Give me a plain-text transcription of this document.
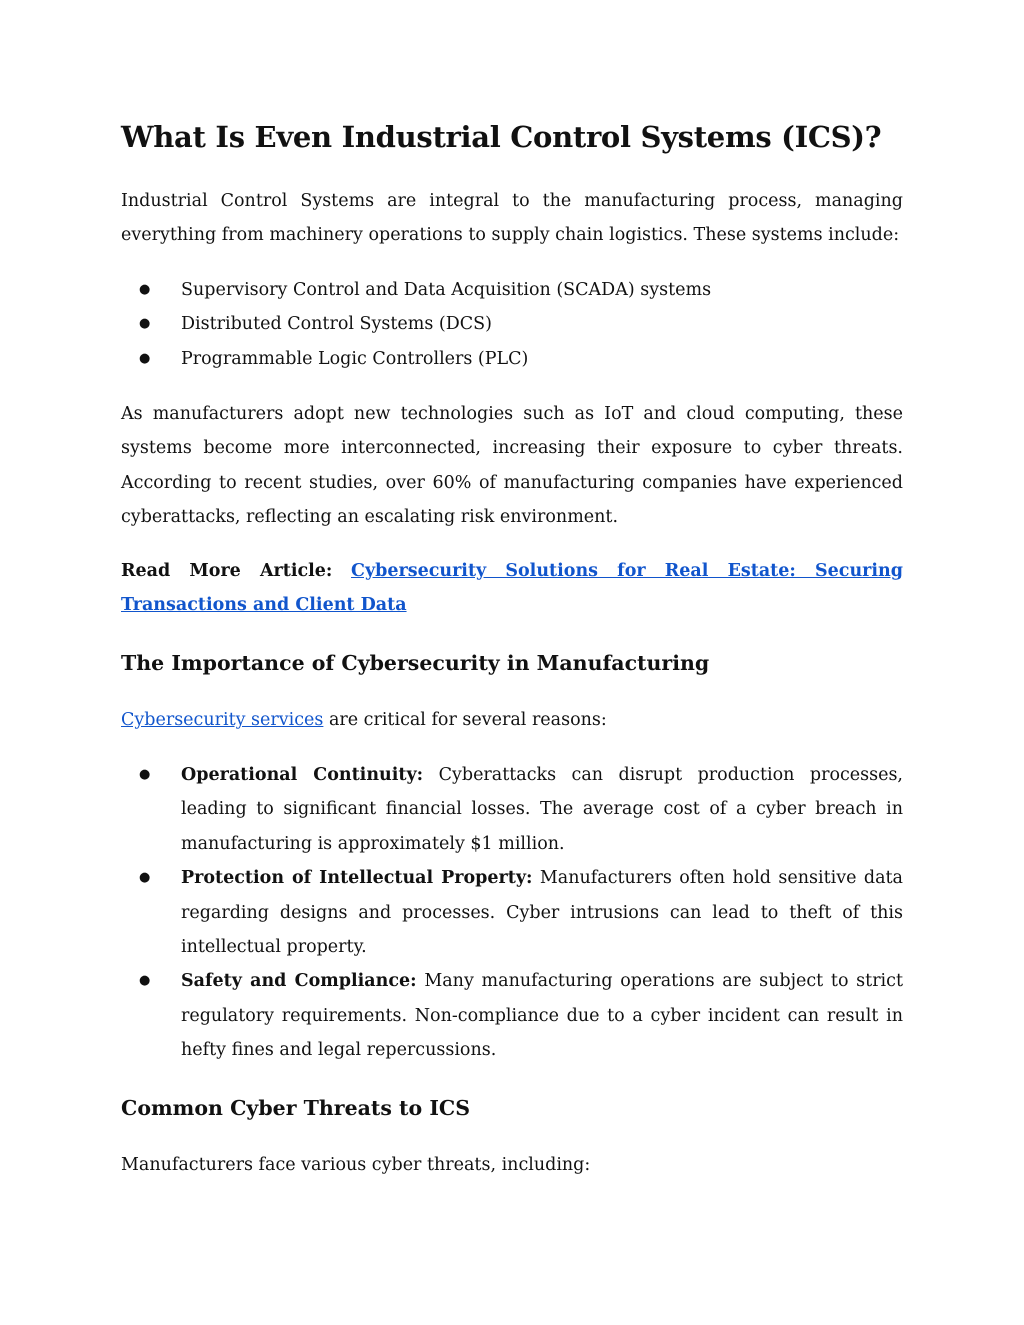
What Is Even Industrial Control Systems (ICS)?

Industrial Control Systems are integral to the manufacturing process, managing everything from machinery operations to supply chain logistics. These systems include:

● Supervisory Control and Data Acquisition (SCADA) systems
● Distributed Control Systems (DCS)
● Programmable Logic Controllers (PLC)

As manufacturers adopt new technologies such as IoT and cloud computing, these systems become more interconnected, increasing their exposure to cyber threats. According to recent studies, over 60% of manufacturing companies have experienced cyberattacks, reflecting an escalating risk environment.

Read More Article: Cybersecurity Solutions for Real Estate: Securing Transactions and Client Data

The Importance of Cybersecurity in Manufacturing

Cybersecurity services are critical for several reasons:

● Operational Continuity: Cyberattacks can disrupt production processes, leading to significant financial losses. The average cost of a cyber breach in manufacturing is approximately $1 million.
● Protection of Intellectual Property: Manufacturers often hold sensitive data regarding designs and processes. Cyber intrusions can lead to theft of this intellectual property.
● Safety and Compliance: Many manufacturing operations are subject to strict regulatory requirements. Non-compliance due to a cyber incident can result in hefty fines and legal repercussions.
Common Cyber Threats to ICS

Manufacturers face various cyber threats, including:
